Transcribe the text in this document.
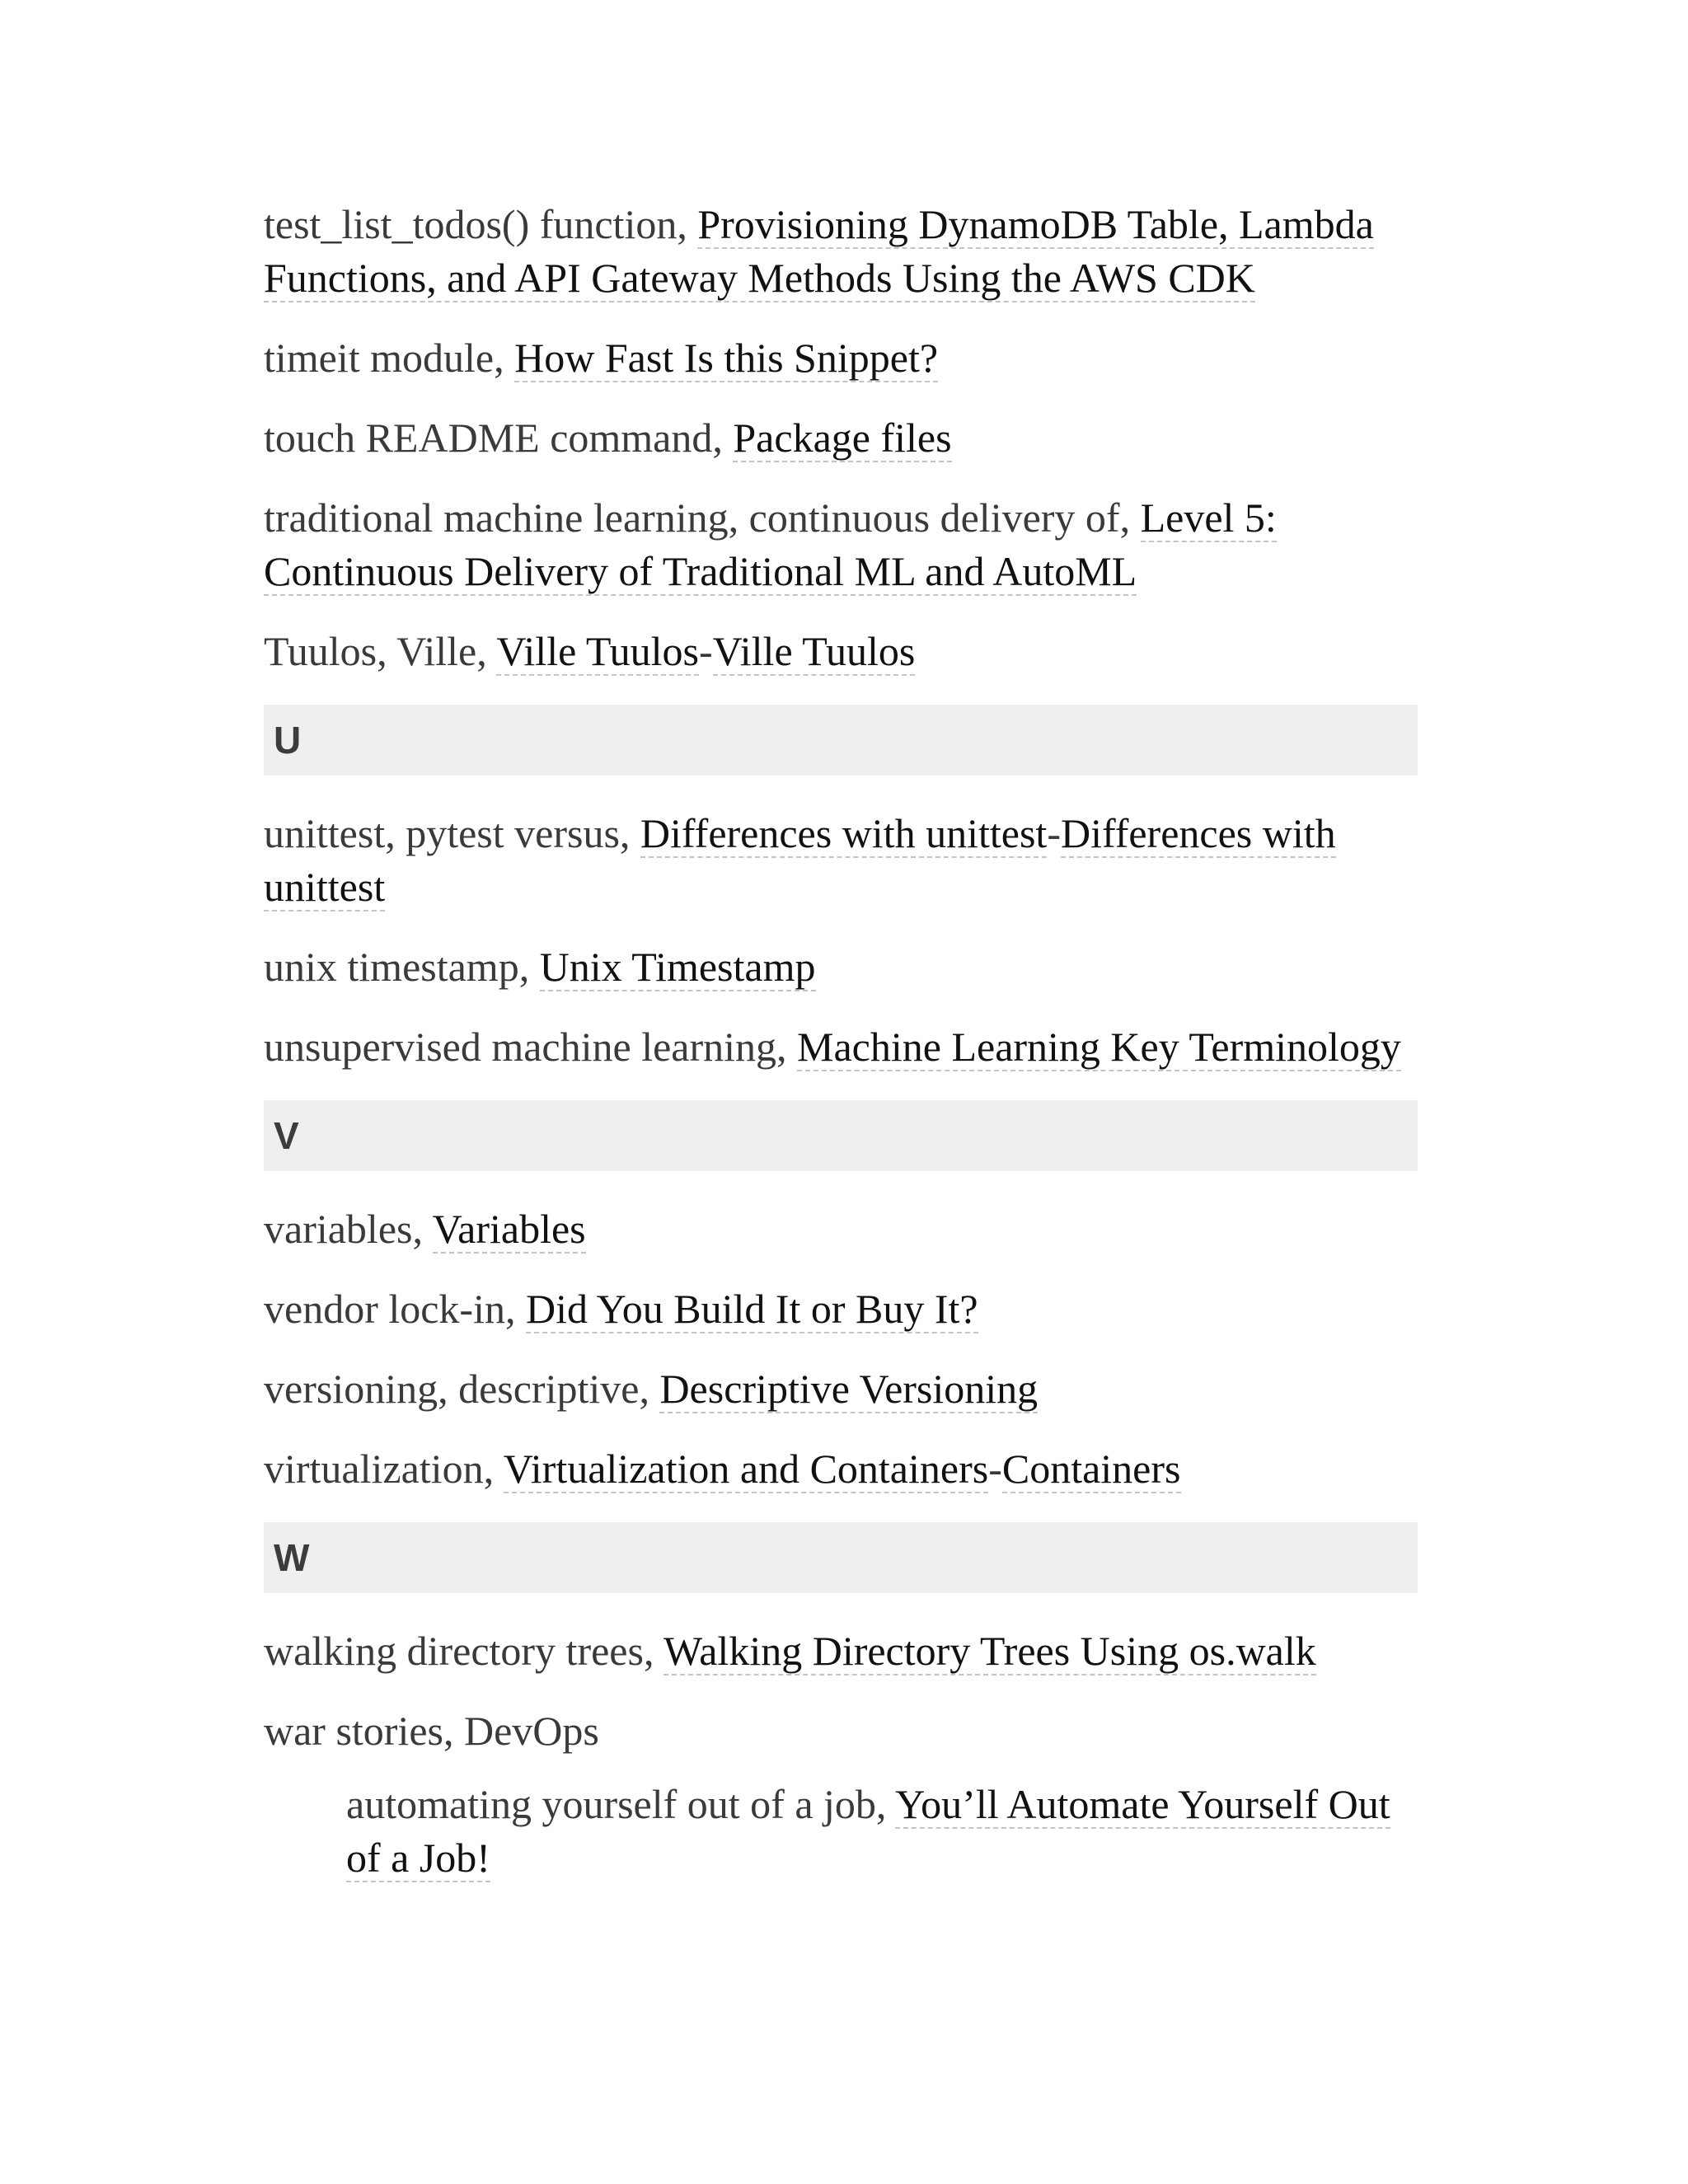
test_list_todos() function, Provisioning DynamoDB Table, Lambda Functions, and API Gateway Methods Using the AWS CDK

timeit module, How Fast Is this Snippet?

touch README command, Package files

traditional machine learning, continuous delivery of, Level 5: Continuous Delivery of Traditional ML and AutoML

Tuulos, Ville, Ville Tuulos-Ville Tuulos

U

unittest, pytest versus, Differences with unittest-Differences with unittest

unix timestamp, Unix Timestamp

unsupervised machine learning, Machine Learning Key Terminology

V

variables, Variables

vendor lock-in, Did You Build It or Buy It?

versioning, descriptive, Descriptive Versioning

virtualization, Virtualization and Containers-Containers

W

walking directory trees, Walking Directory Trees Using os.walk

war stories, DevOps

automating yourself out of a job, You’ll Automate Yourself Out of a Job!
